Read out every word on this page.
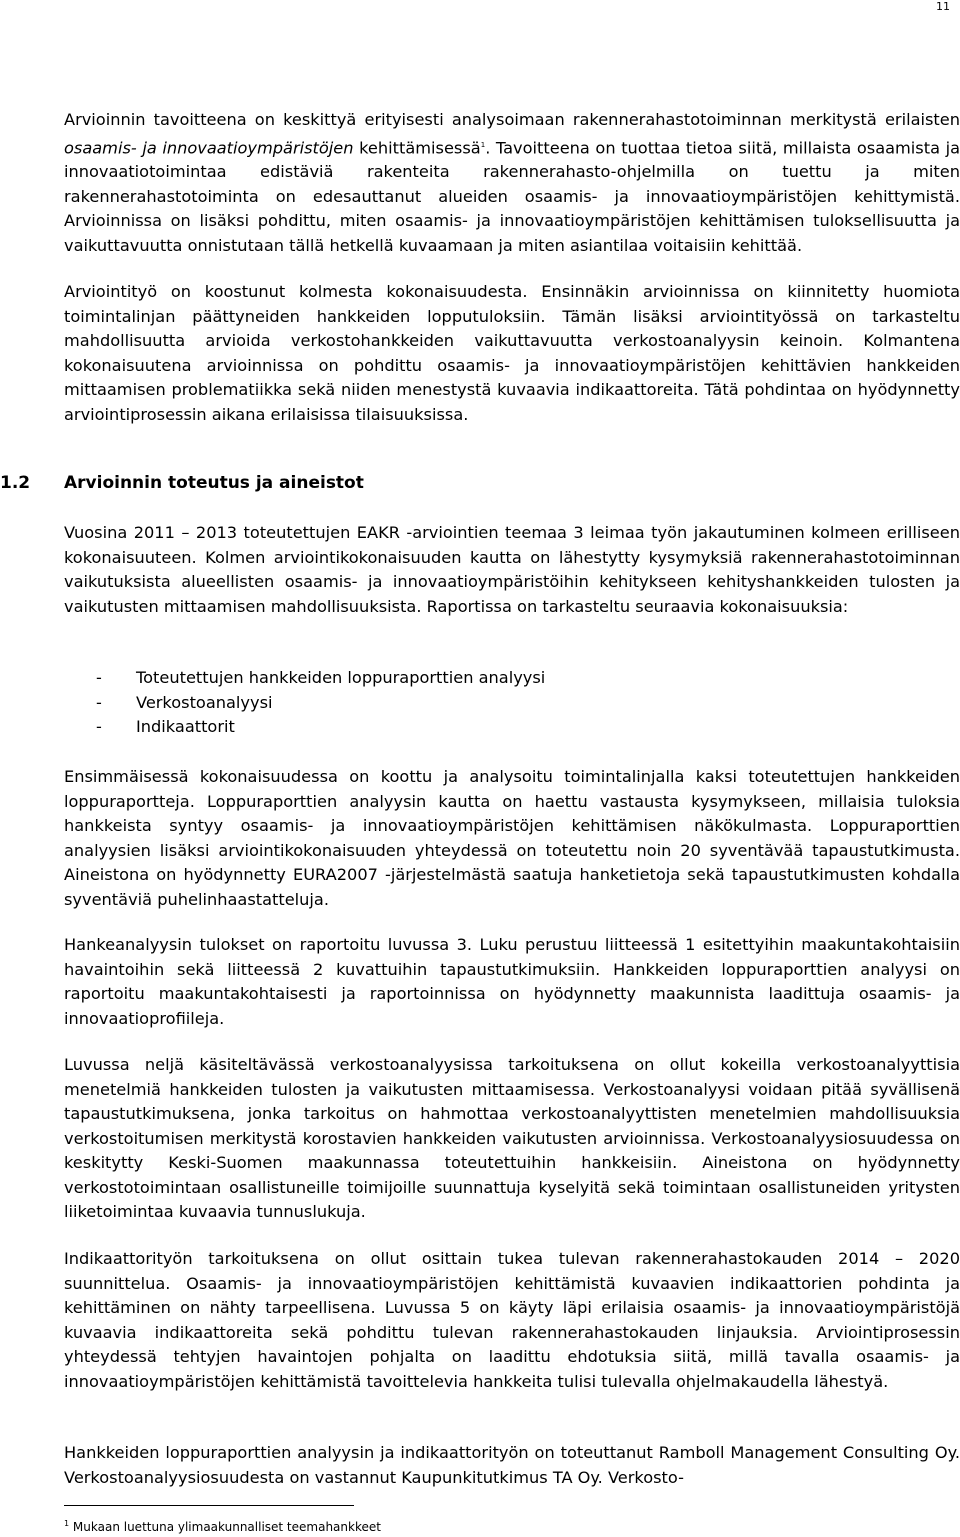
11

Arvioinnin tavoitteena on keskittyä erityisesti analysoimaan rakennerahastotoiminnan merkitystä erilaisten osaamis- ja innovaatioympäristöjen kehittämisessä$^1$. Tavoitteena on tuottaa tietoa siitä, millaista osaamista ja innovaatiotoimintaa edistäviä rakenteita rakennerahasto-ohjelmilla on tuettu ja miten rakennerahastotoiminta on edesauttanut alueiden osaamis- ja innovaatioympäristöjen kehittymistä. Arvioinnissa on lisäksi pohdittu, miten osaamis- ja innovaatioympäristöjen kehittämisen tuloksellisuutta ja vaikuttavuutta onnistutaan tällä hetkellä kuvaamaan ja miten asiantilaa voitaisiin kehittää.

Arviointityö on koostunut kolmesta kokonaisuudesta. Ensinnäkin arvioinnissa on kiinnitetty huomiota toimintalinjan päättyneiden hankkeiden lopputuloksiin. Tämän lisäksi arviointityössä on tarkasteltu mahdollisuutta arvioida verkostohankkeiden vaikuttavuutta verkostoanalyysin keinoin. Kolmantena kokonaisuutena arvioinnissa on pohdittu osaamis- ja innovaatioympäristöjen kehittävien hankkeiden mittaamisen problematiikka sekä niiden menestystä kuvaavia indikaattoreita. Tätä pohdintaa on hyödynnetty arviointiprosessin aikana erilaisissa tilaisuuksissa.

1.2 Arvioinnin toteutus ja aineistot

Vuosina 2011 – 2013 toteutettujen EAKR -arviointien teemaa 3 leimaa työn jakautuminen kolmeen erilliseen kokonaisuuteen. Kolmen arviointikokonaisuuden kautta on lähestytty kysymyksiä rakennerahastotoiminnan vaikutuksista alueellisten osaamis- ja innovaatioympäristöihin kehitykseen kehityshankkeiden tulosten ja vaikutusten mittaamisen mahdollisuuksista. Raportissa on tarkasteltu seuraavia kokonaisuuksia:

Ensimmäisessä kokonaisuudessa on koottu ja analysoitu toimintalinjalla kaksi toteutettujen hankkeiden loppuraportteja. Loppuraporttien analyysin kautta on haettu vastausta kysymykseen, millaisia tuloksia hankkeista syntyy osaamis- ja innovaatioympäristöjen kehittämisen näkökulmasta. Loppuraporttien analyysien lisäksi arviointikokonaisuuden yhteydessä on toteutettu noin 20 syventävää tapaustutkimusta. Aineistona on hyödynnetty EURA2007 -järjestelmästä saatuja hanketietoja sekä tapaustutkimusten kohdalla syventäviä puhelinhaastatteluja.

Hankeanalyysin tulokset on raportoitu luvussa 3. Luku perustuu liitteessä 1 esitettyihin maakuntakohtaisiin havaintoihin sekä liitteessä 2 kuvattuihin tapaustutkimuksiin. Hankkeiden loppuraporttien analyysi on raportoitu maakuntakohtaisesti ja raportoinnissa on hyödynnetty maakunnista laadittuja osaamis- ja innovaatioprofiileja.

Luvussa neljä käsiteltävässä verkostoanalyysissa tarkoituksena on ollut kokeilla verkostoanalyyttisia menetelmiä hankkeiden tulosten ja vaikutusten mittaamisessa. Verkostoanalyysi voidaan pitää syvällisenä tapaustutkimuksena, jonka tarkoitus on hahmottaa verkostoanalyyttisten menetelmien mahdollisuuksia verkostoitumisen merkitystä korostavien hankkeiden vaikutusten arvioinnissa. Verkostoanalyysiosuudessa on keskitytty Keski-Suomen maakunnassa toteutettuihin hankkeisiin. Aineistona on hyödynnetty verkostotoimintaan osallistuneille toimijoille suunnattuja kyselyitä sekä toimintaan osallistuneiden yritysten liiketoimintaa kuvaavia tunnuslukuja.

Indikaattorityön tarkoituksena on ollut osittain tukea tulevan rakennerahastokauden 2014 – 2020 suunnittelua. Osaamis- ja innovaatioympäristöjen kehittämistä kuvaavien indikaattorien pohdinta ja kehittäminen on nähty tarpeellisena. Luvussa 5 on käyty läpi erilaisia osaamis- ja innovaatioympäristöjä kuvaavia indikaattoreita sekä pohdittu tulevan rakennerahastokauden linjauksia. Arviointiprosessin yhteydessä tehtyjen havaintojen pohjalta on laadittu ehdotuksia siitä, millä tavalla osaamis- ja innovaatioympäristöjen kehittämistä tavoittelevia hankkeita tulisi tulevalla ohjelmakaudella lähestyä.

Hankkeiden loppuraporttien analyysin ja indikaattorityön on toteuttanut Ramboll Management Consulting Oy. Verkostoanalyysiosuudesta on vastannut Kaupunkitutkimus TA Oy. Verkosto-

- Toteutettujen hankkeiden loppuraporttien analyysi
- Verkostoanalyysi
- Indikaattorit
$^1$ Mukaan luettuna ylimaakunnalliset teemahankkeet
